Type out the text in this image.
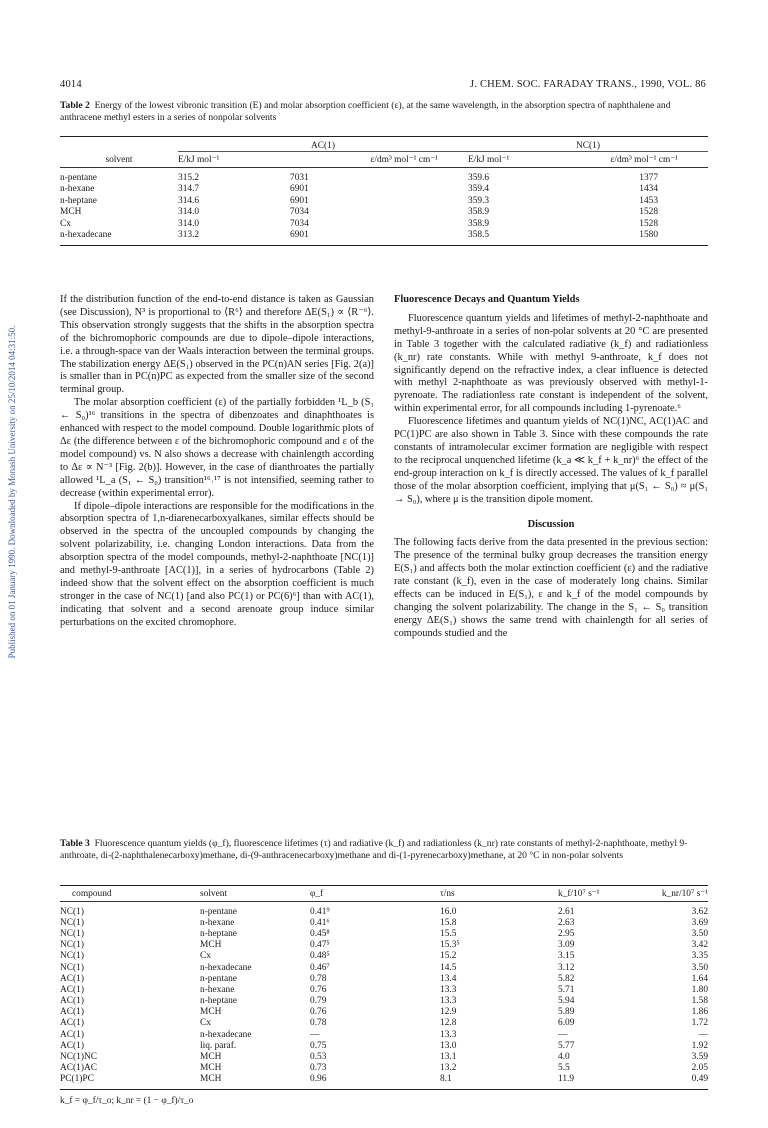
4014	J. CHEM. SOC. FARADAY TRANS., 1990, VOL. 86
Published on 01 January 1990. Downloaded by Monash University on 25/10/2014 04:31:50.
Table 2 Energy of the lowest vibronic transition (E) and molar absorption coefficient (ε), at the same wavelength, in the absorption spectra of naphthalene and anthracene methyl esters in a series of nonpolar solvents
	AC(1)		NC(1)	
solvent	E/kJ mol⁻¹	ε/dm³ mol⁻¹ cm⁻¹	E/kJ mol⁻¹	ε/dm³ mol⁻¹ cm⁻¹
n-pentane	315.2	7031	359.6	1377
n-hexane	314.7	6901	359.4	1434
n-heptane	314.6	6901	359.3	1453
MCH	314.0	7034	358.9	1528
Cx	314.0	7034	358.9	1528
n-hexadecane	313.2	6901	358.5	1580

If the distribution function of the end-to-end distance is taken as Gaussian (see Discussion), N³ is proportional to ⟨R⁶⟩ and therefore ΔE(S₁) ∝ ⟨R⁻⁶⟩. This observation strongly suggests that the shifts in the absorption spectra of the bichromophoric compounds are due to dipole–dipole interactions, i.e. a through-space van der Waals interaction between the terminal groups. The stabilization energy ΔE(S₁) observed in the PC(n)AN series [Fig. 2(a)] is smaller than in PC(n)PC as expected from the smaller size of the second terminal group.

The molar absorption coefficient (ε) of the partially forbidden ¹L_b (S₁ ← S₀)¹⁶ transitions in the spectra of dibenzoates and dinaphthoates is enhanced with respect to the model compound. Double logarithmic plots of Δε (the difference between ε of the bichromophoric compound and ε of the model compound) vs. N also shows a decrease with chainlength according to Δε ∝ N⁻³ [Fig. 2(b)]. However, in the case of dianthroates the partially allowed ¹L_a (S₁ ← S₀) transition¹⁶˒¹⁷ is not intensified, seeming rather to decrease (within experimental error).

If dipole–dipole interactions are responsible for the modifications in the absorption spectra of 1,n-diarenecarboxyalkanes, similar effects should be observed in the spectra of the uncoupled compounds by changing the solvent polarizability, i.e. changing London interactions. Data from the absorption spectra of the model compounds, methyl-2-naphthoate [NC(1)] and methyl-9-anthroate [AC(1)], in a series of hydrocarbons (Table 2) indeed show that the solvent effect on the absorption coefficient is much stronger in the case of NC(1) [and also PC(1) or PC(6)⁶] than with AC(1), indicating that solvent and a second arenoate group induce similar perturbations on the excited chromophore.

Fluorescence Decays and Quantum Yields

Fluorescence quantum yields and lifetimes of methyl-2-naphthoate and methyl-9-anthroate in a series of non-polar solvents at 20 °C are presented in Table 3 together with the calculated radiative (k_f) and radiationless (k_nr) rate constants. While with methyl 9-anthroate, k_f does not significantly depend on the refractive index, a clear influence is detected with methyl 2-naphthoate as was previously observed with methyl-1-pyrenoate. The radiationless rate constant is independent of the solvent, within experimental error, for all compounds including 1-pyrenoate.⁶

Fluorescence lifetimes and quantum yields of NC(1)NC, AC(1)AC and PC(1)PC are also shown in Table 3. Since with these compounds the rate constants of intramolecular excimer formation are negligible with respect to the reciprocal unquenched lifetime (k_a ≪ k_f + k_nr)⁶ the effect of the end-group interaction on k_f is directly accessed. The values of k_f parallel those of the molar absorption coefficient, implying that μ(S₁ ← S₀) ≈ μ(S₁ → S₀), where μ is the transition dipole moment.

Discussion

The following facts derive from the data presented in the previous section: The presence of the terminal bulky group decreases the transition energy E(S₁) and affects both the molar extinction coefficient (ε) and the radiative rate constant (k_f), even in the case of moderately long chains. Similar effects can be induced in E(S₁), ε and k_f of the model compounds by changing the solvent polarizability. The change in the S₁ ← S₀ transition energy ΔE(S₁) shows the same trend with chainlength for all series of compounds studied and the

Table 3 Fluorescence quantum yields (φ_f), fluorescence lifetimes (τ) and radiative (k_f) and radiationless (k_nr) rate constants of methyl-2-naphthoate, methyl 9-anthroate, di-(2-naphthalenecarboxy)methane, di-(9-anthracenecarboxy)methane and di-(1-pyrenecarboxy)methane, at 20 °C in non-polar solvents
compound	solvent	φ_f	τ/ns	k_f/10⁷ s⁻¹	k_nr/10⁷ s⁻¹
NC(1)	n-pentane	0.41⁹	16.0	2.61	3.62
NC(1)	n-hexane	0.41⁶	15.8	2.63	3.69
NC(1)	n-heptane	0.45⁸	15.5	2.95	3.50
NC(1)	MCH	0.47⁵	15.3⁵	3.09	3.42
NC(1)	Cx	0.48⁵	15.2	3.15	3.35
NC(1)	n-hexadecane	0.46⁷	14.5	3.12	3.50
AC(1)	n-pentane	0.78	13.4	5.82	1.64
AC(1)	n-hexane	0.76	13.3	5.71	1.80
AC(1)	n-heptane	0.79	13.3	5.94	1.58
AC(1)	MCH	0.76	12.9	5.89	1.86
AC(1)	Cx	0.78	12.8	6.09	1.72
AC(1)	n-hexadecane	—	13.3	—	—
AC(1)	liq. paraf.	0.75	13.0	5.77	1.92
NC(1)NC	MCH	0.53	13.1	4.0	3.59
AC(1)AC	MCH	0.73	13.2	5.5	2.05
PC(1)PC	MCH	0.96	8.1	11.9	0.49
k_f = φ_f/τ_o; k_nr = (1 − φ_f)/τ_o
